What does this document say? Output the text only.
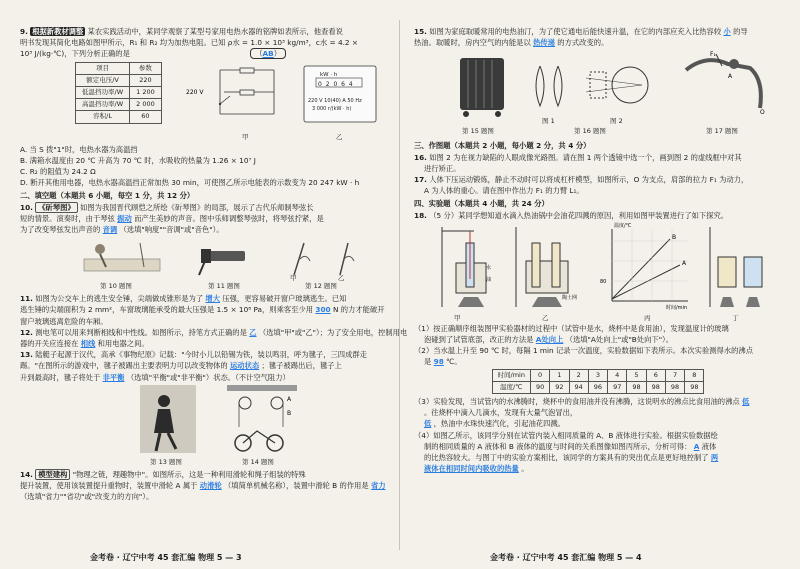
9. 根据新教材调整 某农实践活动中，某同学观察了某型号家用电热水器的铭牌如表所示，他查看说
明书发现其简化电路如图甲所示，R₁ 和 R₂ 均为加热电阻。已知 ρ水 = 1.0 × 10³ kg/m³，c水 = 4.2 ×
10³ J/(kg·℃)，下列分析正确的是	（AB）
项目	参数
额定电压/V	220
低温挡功率/W	1 200
高温挡功率/W	2 000
容积/L	60
220 V
甲
kW · h
0 2 0 6 4
220 V 10(40) A 50 Hz
3 000 r/(kW · h)
乙
A. 当 S 拨"1"时，电热水器为高温挡
B. 满箱水温度由 20 ℃ 升高为 70 ℃ 时，水吸收的热量为 1.26 × 10⁷ J
C. R₂ 的阻值为 24.2 Ω
D. 断开其他用电器，电热水器高温挡正常加热 30 min，可使图乙所示电能表的示数变为 20 247 kW · h
二、填空题（本题共 6 小题，每空 1 分，共 12 分）
10. 《斫琴图》 如图为我国晋代顾恺之所绘《斫琴图》的局部，展示了古代乐师制琴弦长
短的情景。演奏时，由于琴弦 振动 而产生美妙的声音。图中乐师调整琴弦时，将琴弦拧紧，是
为了改变琴弦发出声音的 音调 （选填"响度""音调"或"音色"）。
第 10 题图	第 11 题图
甲	乙
第 12 题图
11. 如图为公交车上的逃生安全锤，尖端做成锥形是为了 增大 压强，更容易破开窗户玻璃逃生。已知
逃生锤的尖端面积为 2 mm²，车窗玻璃能承受的最大压强是 1.5 × 10⁸ Pa，则乘客至少用 300 N 的力才能破开
窗户玻璃逃离危险的车厢。
12. 测电笔可以用来判断相线和中性线。如图所示，持笔方式正确的是 乙 （选填"甲"或"乙"）；为了安全用电，控制用电
器的开关应连接在 相线 和用电器之间。
13. 陆艇子起源于汉代，高承《事物纪原》记载："今时小儿以铅锡为铁，装以鸣羽，呼为毽子，三四成群走
踢。"在图所示的游戏中，毽子被踢出主要表明力可以改变物体的 运动状态 ；毽子被踢出后，毽子上
升到最高时，毽子将处于 非平衡 （选填"平衡"或"非平衡"）状态。（不计空气阻力）
A
B
第 13 题图	第 14 题图
14. 模型建构 "物理之链，理趣物中"。如图所示，这是一种利用滑轮和绳子组装的特殊
提升装置，使用该装置提升重物时，装置中滑轮 A 属于 动滑轮 （填简单机械名称），装置中滑轮 B 的作用是 省力
（选填"省力""省功"或"改变力的方向"）。
金考卷 · 辽宁中考 45 套汇编 物理 5 — 3
15. 如图为家庭取暖常用的电热油汀，为了使它通电后能快速升温，在它的内部应充入比热容较 小 的导
热油。取暖时，房内空气的内能是以 热传递 的方式改变的。
F₁
O
A
第 15 题图
图 1	图 2
第 16 题图	第 17 题图
三、作图题（本题共 2 小题，每小题 2 分，共 4 分）
16. 如图 2 为在视力缺陷的人眼成像光路图。请在图 1 两个透镜中选一个，画到图 2 的虚线框中对其
进行矫正。
17. 人体下压运动锻炼，静止不动时可以将成杠杆模型，如图所示，O 为支点，肩部的拉力 F₁ 为动力，
A 为人体的重心。请在图中作出力 F₁ 的力臂 L₁。
四、实验题（本题共 4 小题，共 24 分）
18. （5 分）某同学想知道水滴入热油锅中会油花四溅的原因，利用如图甲装置进行了如下探究。
水
油
陶土网
温度/℃
80
B
A
时间/min
甲	乙	丙	丁
（1）按正确顺序组装图甲实验器材的过程中（试管中是水，烧杯中是食用油），发现温度计的玻璃
泡碰到了试管底部，改正的方法是 A处向上 （选填"A处向上"或"B处向下"）。
（2）当水温上升至 90 ℃ 时，每隔 1 min 记录一次温度，实验数据如下表所示。本次实验测得水的沸点
是 98 ℃。
时间/min	0	1	2	3	4	5	6	7	8
温度/℃	90	92	94	96	97	98	98	98	98
（3）实验发现，当试管内的水沸腾时，烧杯中的食用油并没有沸腾，这说明水的沸点比食用油的沸点 低
。往烧杯中滴入几滴水，发现有大量气泡冒出，
低 ，热油中水珠快速汽化，引起油花四溅。
（4）如图乙所示，该同学分别在试管内装入相同质量的 A、B 液体进行实验。根据实验数据绘
制的相同质量的 A 液体和 B 液体的温度与时间的关系图像如图丙所示，分析可得： A 液体
的比热容较大。与图丁中的实验方案相比，该同学的方案具有的突出优点是更好地控制了 两
液体在相同时间内吸收的热量 。
金考卷 · 辽宁中考 45 套汇编 物理 5 — 4
